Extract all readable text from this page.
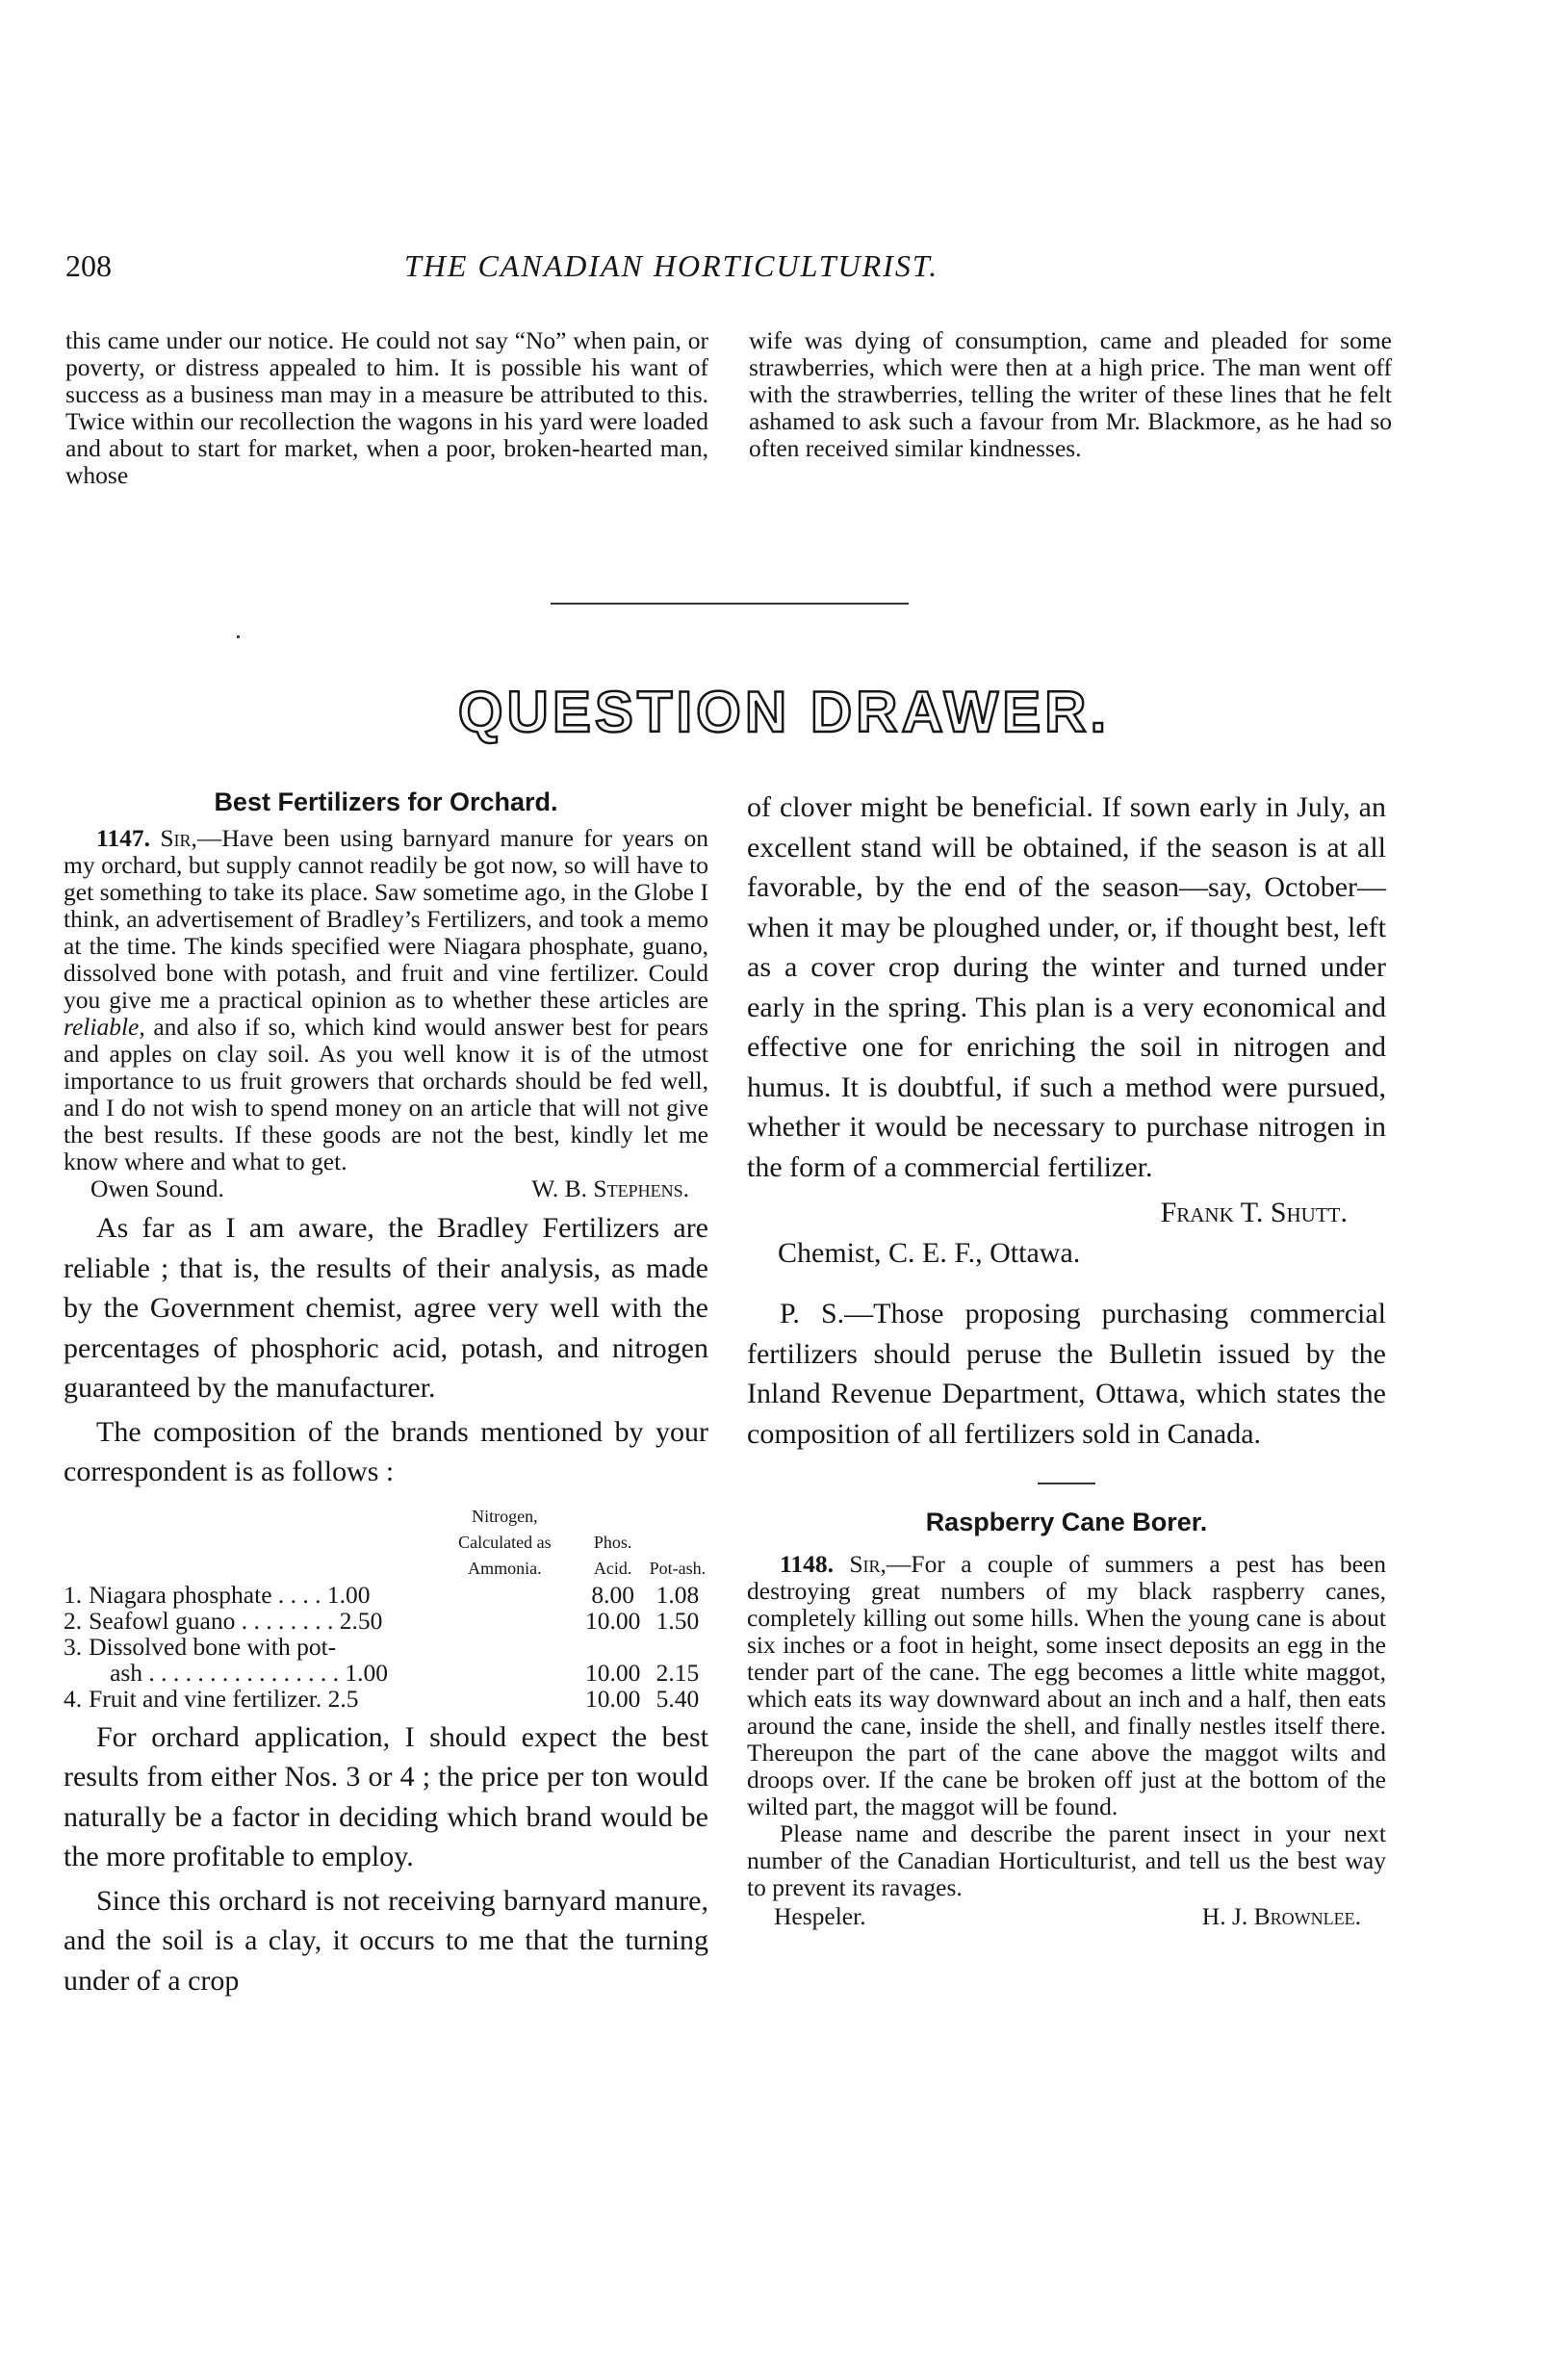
208	THE CANADIAN HORTICULTURIST.

this came under our notice. He could not say “No” when pain, or poverty, or distress appealed to him. It is possible his want of success as a business man may in a measure be attributed to this. Twice within our recollection the wagons in his yard were loaded and about to start for market, when a poor, broken-hearted man, whose

wife was dying of consumption, came and pleaded for some strawberries, which were then at a high price. The man went off with the strawberries, telling the writer of these lines that he felt ashamed to ask such a favour from Mr. Blackmore, as he had so often received similar kindnesses.

QUESTION DRAWER.
Best Fertilizers for Orchard.

1147. Sir,—Have been using barnyard manure for years on my orchard, but supply cannot readily be got now, so will have to get something to take its place. Saw sometime ago, in the Globe I think, an advertisement of Bradley’s Fertilizers, and took a memo at the time. The kinds specified were Niagara phosphate, guano, dissolved bone with potash, and fruit and vine fertilizer. Could you give me a practical opinion as to whether these articles are reliable, and also if so, which kind would answer best for pears and apples on clay soil. As you well know it is of the utmost importance to us fruit growers that orchards should be fed well, and I do not wish to spend money on an article that will not give the best results. If these goods are not the best, kindly let me know where and what to get.

Owen Sound.	W. B. Stephens.

As far as I am aware, the Bradley Fertilizers are reliable ; that is, the results of their analysis, as made by the Government chemist, agree very well with the percentages of phosphoric acid, potash, and nitrogen guaranteed by the manufacturer.

The composition of the brands mentioned by your correspondent is as follows :

		Nitrogen, Calculated as Ammonia.	Phos. Acid.	Pot-ash.
1.	Niagara phosphate . . . . 1.00		8.00	1.08
2.	Seafowl guano . . . . . . . . 2.50		10.00	1.50
3.	Dissolved bone with pot-			
	ash . . . . . . . . . . . . . . . . 1.00		10.00	2.15
4.	Fruit and vine fertilizer. 2.5		10.00	5.40

For orchard application, I should expect the best results from either Nos. 3 or 4 ; the price per ton would naturally be a factor in deciding which brand would be the more profitable to employ.

Since this orchard is not receiving barnyard manure, and the soil is a clay, it occurs to me that the turning under of a crop

of clover might be beneficial. If sown early in July, an excellent stand will be obtained, if the season is at all favorable, by the end of the season—say, October—when it may be ploughed under, or, if thought best, left as a cover crop during the winter and turned under early in the spring. This plan is a very economical and effective one for enriching the soil in nitrogen and humus. It is doubtful, if such a method were pursued, whether it would be necessary to purchase nitrogen in the form of a commercial fertilizer.

Frank T. Shutt.
Chemist, C. E. F., Ottawa.

P. S.—Those proposing purchasing commercial fertilizers should peruse the Bulletin issued by the Inland Revenue Department, Ottawa, which states the composition of all fertilizers sold in Canada.

Raspberry Cane Borer.

1148. Sir,—For a couple of summers a pest has been destroying great numbers of my black raspberry canes, completely killing out some hills. When the young cane is about six inches or a foot in height, some insect deposits an egg in the tender part of the cane. The egg becomes a little white maggot, which eats its way downward about an inch and a half, then eats around the cane, inside the shell, and finally nestles itself there. Thereupon the part of the cane above the maggot wilts and droops over. If the cane be broken off just at the bottom of the wilted part, the maggot will be found.

Please name and describe the parent insect in your next number of the Canadian Horticulturist, and tell us the best way to prevent its ravages.

Hespeler.	H. J. Brownlee.
